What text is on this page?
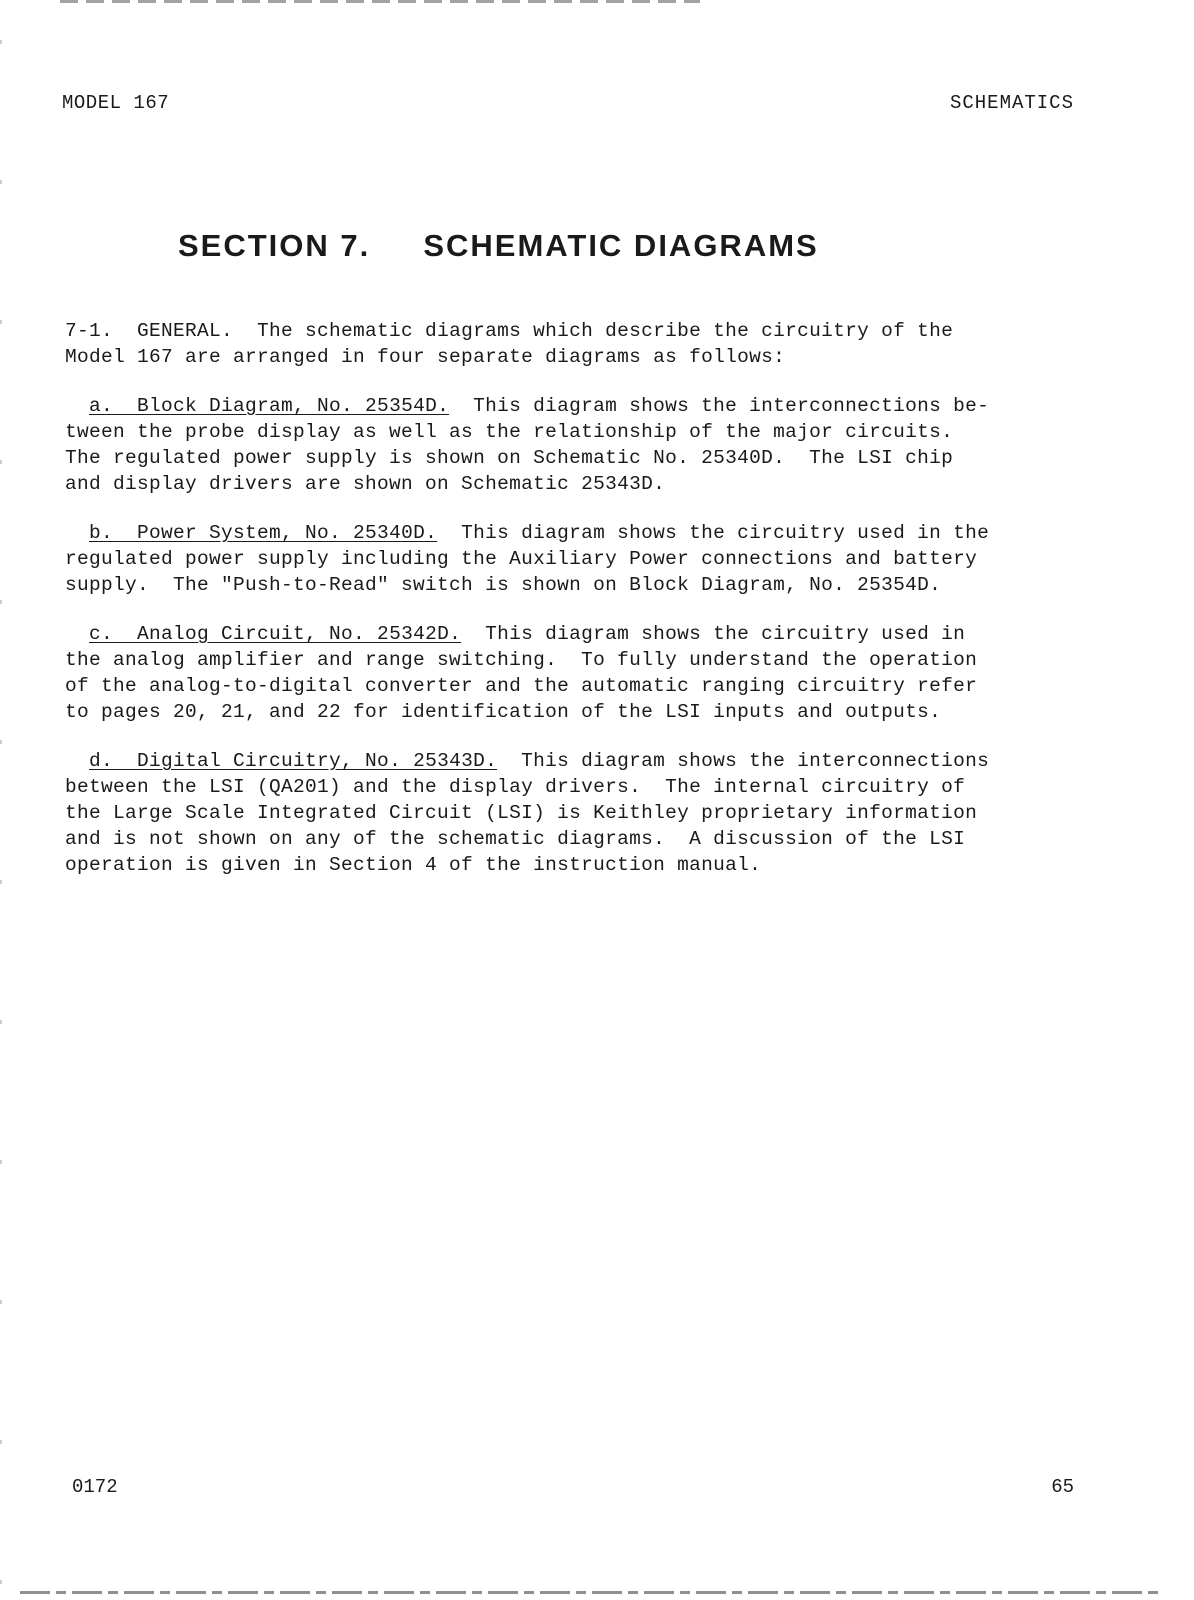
MODEL 167	SCHEMATICS
SECTION 7. SCHEMATIC DIAGRAMS
7-1.  GENERAL.  The schematic diagrams which describe the circuitry of the
Model 167 are arranged in four separate diagrams as follows:
a.  Block Diagram, No. 25354D.  This diagram shows the interconnections be-
tween the probe display as well as the relationship of the major circuits.
The regulated power supply is shown on Schematic No. 25340D.  The LSI chip
and display drivers are shown on Schematic 25343D.
b.  Power System, No. 25340D.  This diagram shows the circuitry used in the
regulated power supply including the Auxiliary Power connections and battery
supply.  The "Push-to-Read" switch is shown on Block Diagram, No. 25354D.
c.  Analog Circuit, No. 25342D.  This diagram shows the circuitry used in
the analog amplifier and range switching.  To fully understand the operation
of the analog-to-digital converter and the automatic ranging circuitry refer
to pages 20, 21, and 22 for identification of the LSI inputs and outputs.
d.  Digital Circuitry, No. 25343D.  This diagram shows the interconnections
between the LSI (QA201) and the display drivers.  The internal circuitry of
the Large Scale Integrated Circuit (LSI) is Keithley proprietary information
and is not shown on any of the schematic diagrams.  A discussion of the LSI
operation is given in Section 4 of the instruction manual.
0172	65
